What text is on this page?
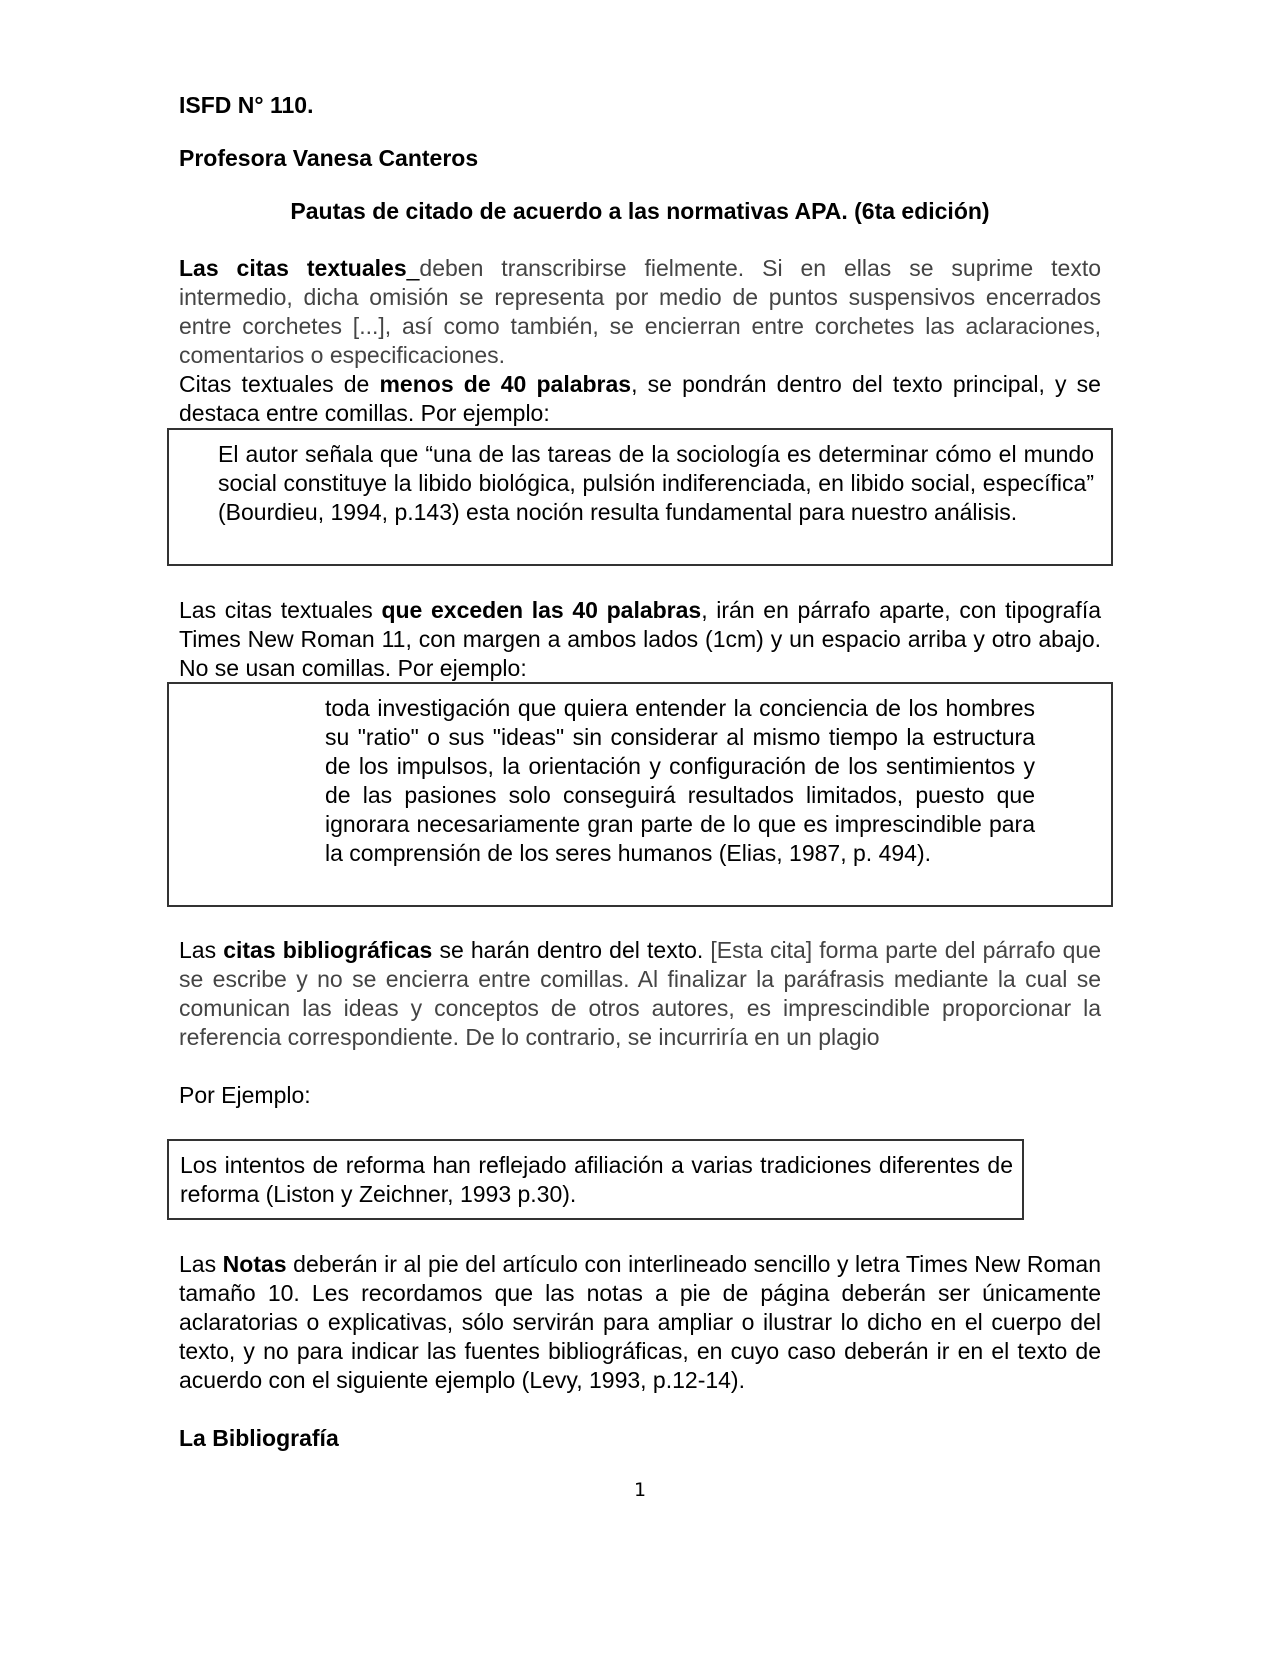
ISFD N° 110.
Profesora Vanesa Canteros
Pautas de citado de acuerdo a las normativas APA. (6ta edición)
Las citas textuales_deben transcribirse fielmente. Si en ellas se suprime texto intermedio, dicha omisión se representa por medio de puntos suspensivos encerrados entre corchetes [...], así como también, se encierran entre corchetes las aclaraciones, comentarios o especificaciones.
Citas textuales de menos de 40 palabras, se pondrán dentro del texto principal, y se destaca entre comillas. Por ejemplo:
El autor señala que “una de las tareas de la sociología es determinar cómo el mundo social constituye la libido biológica, pulsión indiferenciada, en libido social, específica” (Bourdieu, 1994, p.143) esta noción resulta fundamental para nuestro análisis.
Las citas textuales que exceden las 40 palabras, irán en párrafo aparte, con tipografía Times New Roman 11, con margen a ambos lados (1cm) y un espacio arriba y otro abajo. No se usan comillas. Por ejemplo:
toda investigación que quiera entender la conciencia de los hombres su "ratio" o sus "ideas" sin considerar al mismo tiempo la estructura de los impulsos, la orientación y configuración de los sentimientos y de las pasiones solo conseguirá resultados limitados, puesto que ignorara necesariamente gran parte de lo que es imprescindible para la comprensión de los seres humanos (Elias, 1987, p. 494).
Las citas bibliográficas se harán dentro del texto. [Esta cita] forma parte del párrafo que se escribe y no se encierra entre comillas. Al finalizar la paráfrasis mediante la cual se comunican las ideas y conceptos de otros autores, es imprescindible proporcionar la referencia correspondiente. De lo contrario, se incurriría en un plagio
Por Ejemplo:
Los intentos de reforma han reflejado afiliación a varias tradiciones diferentes de reforma (Liston y Zeichner, 1993 p.30).
Las Notas deberán ir al pie del artículo con interlineado sencillo y letra Times New Roman tamaño 10. Les recordamos que las notas a pie de página deberán ser únicamente aclaratorias o explicativas, sólo servirán para ampliar o ilustrar lo dicho en el cuerpo del texto, y no para indicar las fuentes bibliográficas, en cuyo caso deberán ir en el texto de acuerdo con el siguiente ejemplo (Levy, 1993, p.12-14).
La Bibliografía
1
